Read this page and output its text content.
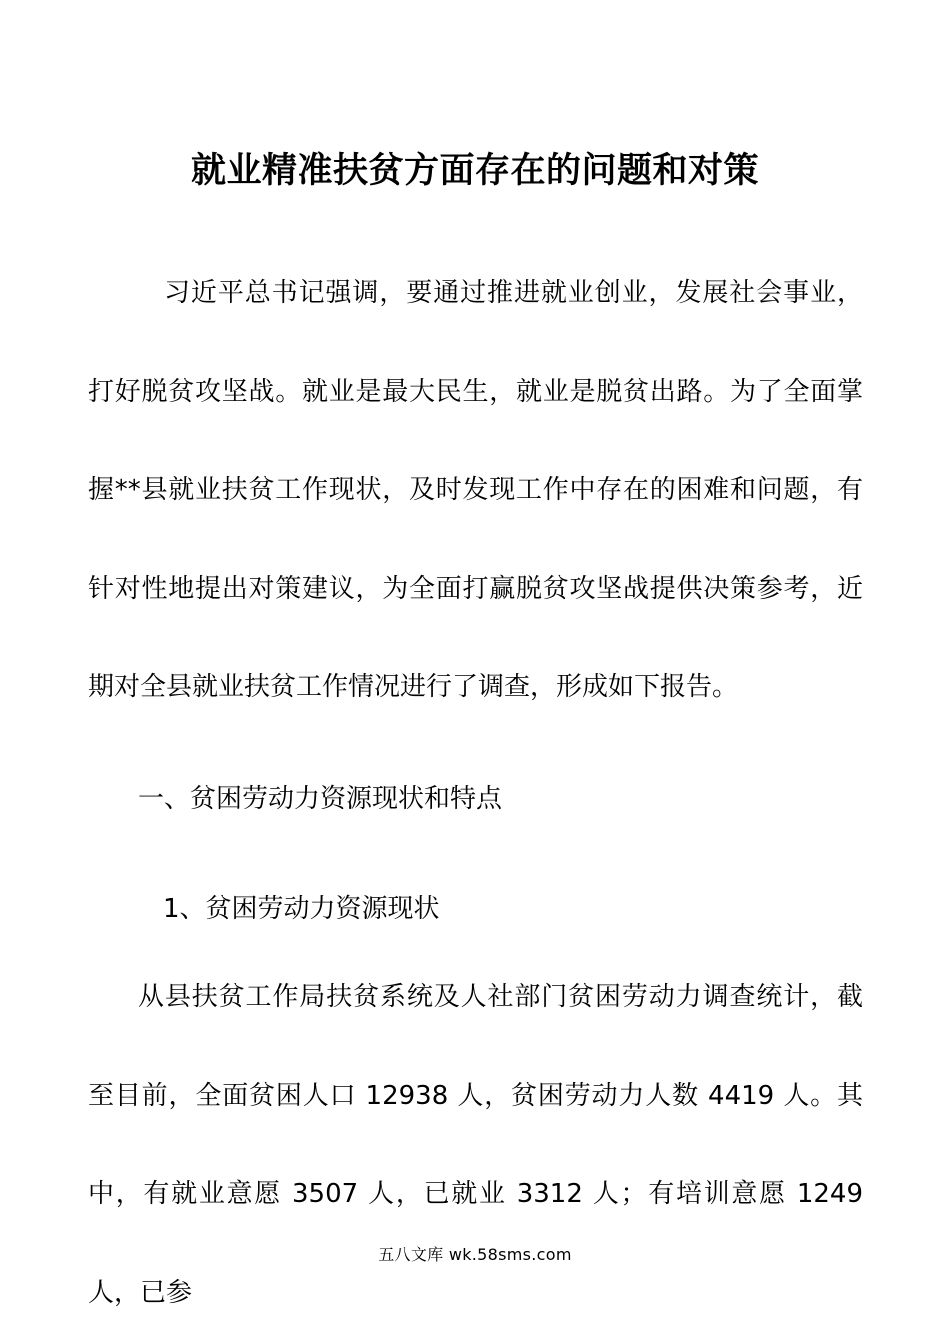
就业精准扶贫方面存在的问题和对策

习近平总书记强调，要通过推进就业创业，发展社会事业，打好脱贫攻坚战。就业是最大民生，就业是脱贫出路。为了全面掌握**县就业扶贫工作现状，及时发现工作中存在的困难和问题，有针对性地提出对策建议，为全面打赢脱贫攻坚战提供决策参考，近期对全县就业扶贫工作情况进行了调查，形成如下报告。

一、贫困劳动力资源现状和特点

1、贫困劳动力资源现状

从县扶贫工作局扶贫系统及人社部门贫困劳动力调查统计，截至目前，全面贫困人口 12938 人，贫困劳动力人数 4419 人。其中，有就业意愿 3507 人，已就业 3312 人；有培训意愿 1249 人，已参

五八文库 wk.58sms.com
